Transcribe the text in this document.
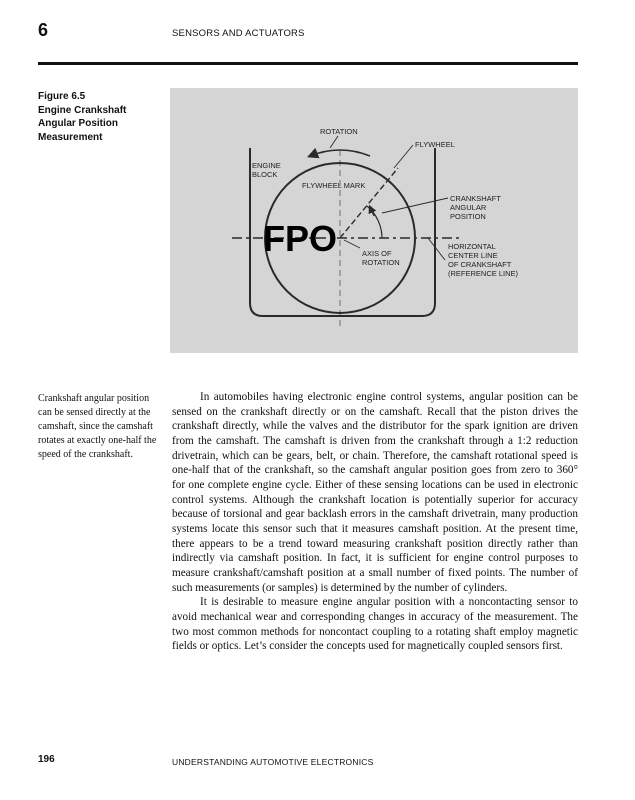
6	SENSORS AND ACTUATORS
Figure 6.5
Engine Crankshaft
Angular Position
Measurement	ROTATION
FLYWHEEL
ENGINE
BLOCK
FLYWHEEL MARK
CRANKSHAFT
ANGULAR
POSITION
AXIS OF
ROTATION
HORIZONTAL
CENTER LINE
OF CRANKSHAFT
(REFERENCE LINE)
FPO
Crankshaft angular position can be sensed directly at the camshaft, since the camshaft rotates at exactly one-half the speed of the crankshaft.

In automobiles having electronic engine control systems, angular position can be sensed on the crankshaft directly or on the camshaft. Recall that the piston drives the crankshaft directly, while the valves and the distributor for the spark ignition are driven from the camshaft. The camshaft is driven from the crankshaft through a 1:2 reduction drivetrain, which can be gears, belt, or chain. Therefore, the camshaft rotational speed is one-half that of the crankshaft, so the camshaft angular position goes from zero to 360° for one complete engine cycle. Either of these sensing locations can be used in electronic control systems. Although the crankshaft location is potentially superior for accuracy because of torsional and gear backlash errors in the camshaft drivetrain, many production systems locate this sensor such that it measures camshaft position. At the present time, there appears to be a trend toward measuring crankshaft position directly rather than indirectly via camshaft position. In fact, it is sufficient for engine control purposes to measure crankshaft/camshaft position at a small number of fixed points. The number of such measurements (or samples) is determined by the number of cylinders.

It is desirable to measure engine angular position with a noncontacting sensor to avoid mechanical wear and corresponding changes in accuracy of the measurement. The two most common methods for noncontact coupling to a rotating shaft employ magnetic fields or optics. Let’s consider the concepts used for magnetically coupled sensors first.

196	UNDERSTANDING AUTOMOTIVE ELECTRONICS
